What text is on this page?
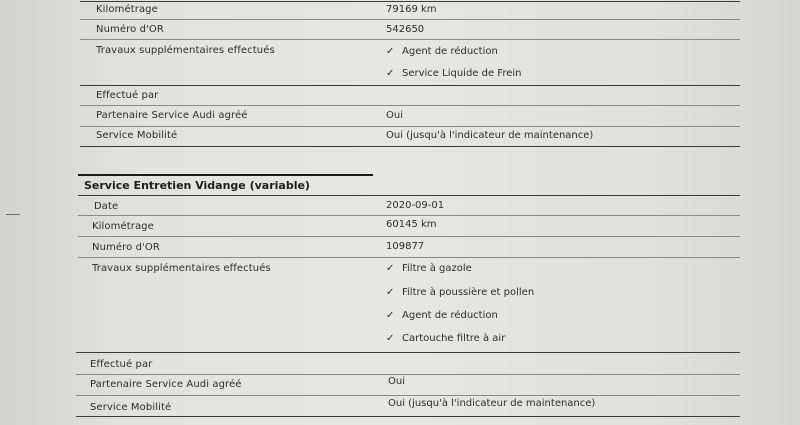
Kilométrage	79169 km
Numéro d'OR	542650
Travaux supplémentaires effectués	✓ Agent de réduction
✓ Service Liquide de Frein
Effectué par
Partenaire Service Audi agréé	Oui
Service Mobilité	Oui (jusqu'à l'indicateur de maintenance)
Service Entretien Vidange (variable)
Date	2020-09-01
Kilométrage	60145 km
Numéro d'OR	109877
Travaux supplémentaires effectués	✓ Filtre à gazole
✓ Filtre à poussière et pollen
✓ Agent de réduction
✓ Cartouche filtre à air
Effectué par
Partenaire Service Audi agréé	Oui
Service Mobilité	Oui (jusqu'à l'indicateur de maintenance)
